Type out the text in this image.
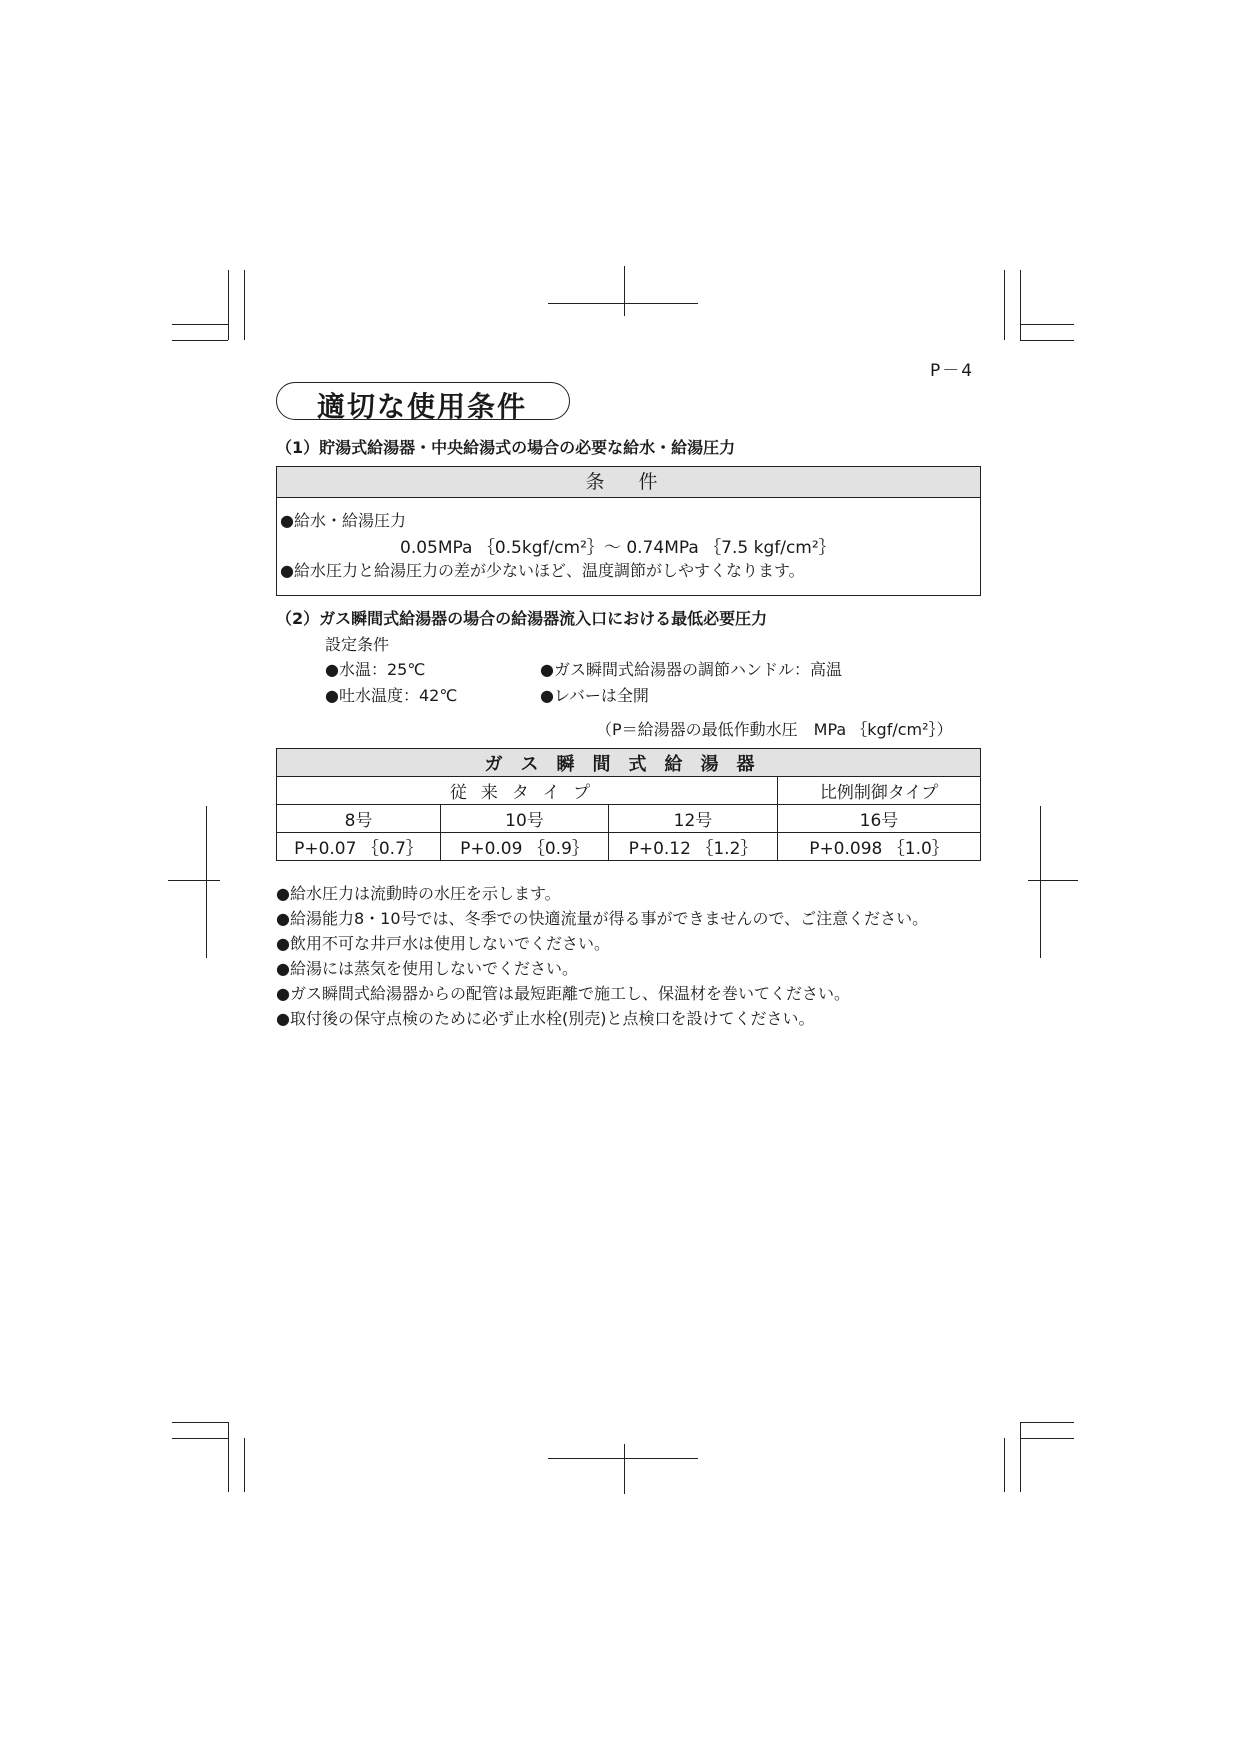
P－4
適切な使用条件
（1）貯湯式給湯器・中央給湯式の場合の必要な給水・給湯圧力
条 件
●給水・給湯圧力
0.05MPa ｛0.5kgf/cm²｝～ 0.74MPa ｛7.5 kgf/cm²｝
●給水圧力と給湯圧力の差が少ないほど、温度調節がしやすくなります。
（2）ガス瞬間式給湯器の場合の給湯器流入口における最低必要圧力
設定条件
●水温：25℃
●吐水温度：42℃
●ガス瞬間式給湯器の調節ハンドル：高温
●レバーは全開
（P＝給湯器の最低作動水圧　MPa ｛kgf/cm²｝）
ガス瞬間式給湯器			
従来タイプ			比例制御タイプ
8号	10号	12号	16号
P+0.07 ｛0.7｝	P+0.09 ｛0.9｝	P+0.12 ｛1.2｝	P+0.098 ｛1.0｝
●給水圧力は流動時の水圧を示します。
●給湯能力8・10号では、冬季での快適流量が得る事ができませんので、ご注意ください。
●飲用不可な井戸水は使用しないでください。
●給湯には蒸気を使用しないでください。
●ガス瞬間式給湯器からの配管は最短距離で施工し、保温材を巻いてください。
●取付後の保守点検のために必ず止水栓(別売)と点検口を設けてください。
